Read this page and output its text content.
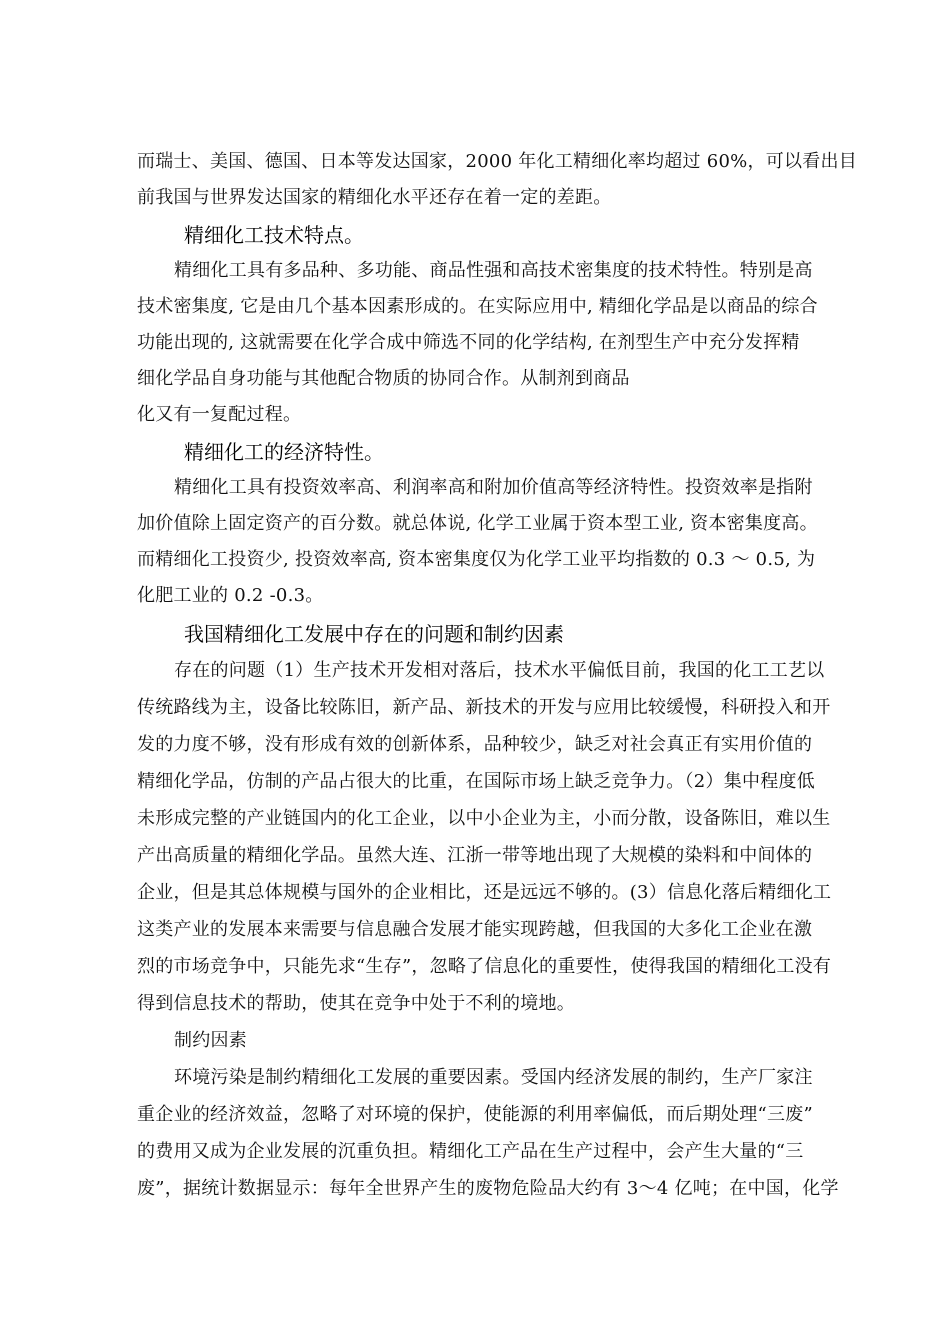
而瑞士、美国、德国、日本等发达国家，2000 年化工精细化率均超过 60%，可以看出目
前我国与世界发达国家的精细化水平还存在着一定的差距。
精细化工技术特点。
精细化工具有多品种、多功能、商品性强和高技术密集度的技术特性。特别是高
技术密集度, 它是由几个基本因素形成的。在实际应用中, 精细化学品是以商品的综合
功能出现的, 这就需要在化学合成中筛选不同的化学结构, 在剂型生产中充分发挥精
细化学品自身功能与其他配合物质的协同合作。从制剂到商品
化又有一复配过程。
精细化工的经济特性。
精细化工具有投资效率高、利润率高和附加价值高等经济特性。投资效率是指附
加价值除上固定资产的百分数。就总体说, 化学工业属于资本型工业, 资本密集度高。
而精细化工投资少, 投资效率高, 资本密集度仅为化学工业平均指数的 0.3 ～ 0.5, 为
化肥工业的 0.2 -0.3。
我国精细化工发展中存在的问题和制约因素
存在的问题（1）生产技术开发相对落后，技术水平偏低目前，我国的化工工艺以
传统路线为主，设备比较陈旧，新产品、新技术的开发与应用比较缓慢，科研投入和开
发的力度不够，没有形成有效的创新体系，品种较少，缺乏对社会真正有实用价值的
精细化学品，仿制的产品占很大的比重，在国际市场上缺乏竞争力。（2）集中程度低
未形成完整的产业链国内的化工企业，以中小企业为主，小而分散，设备陈旧，难以生
产出高质量的精细化学品。虽然大连、江浙一带等地出现了大规模的染料和中间体的
企业，但是其总体规模与国外的企业相比，还是远远不够的。(3）信息化落后精细化工
这类产业的发展本来需要与信息融合发展才能实现跨越，但我国的大多化工企业在激
烈的市场竞争中，只能先求“生存”，忽略了信息化的重要性，使得我国的精细化工没有
得到信息技术的帮助，使其在竞争中处于不利的境地。
制约因素
环境污染是制约精细化工发展的重要因素。受国内经济发展的制约，生产厂家注
重企业的经济效益，忽略了对环境的保护，使能源的利用率偏低，而后期处理“三废”
的费用又成为企业发展的沉重负担。精细化工产品在生产过程中，会产生大量的“三
废”，据统计数据显示：每年全世界产生的废物危险品大约有 3～4 亿吨；在中国，化学
